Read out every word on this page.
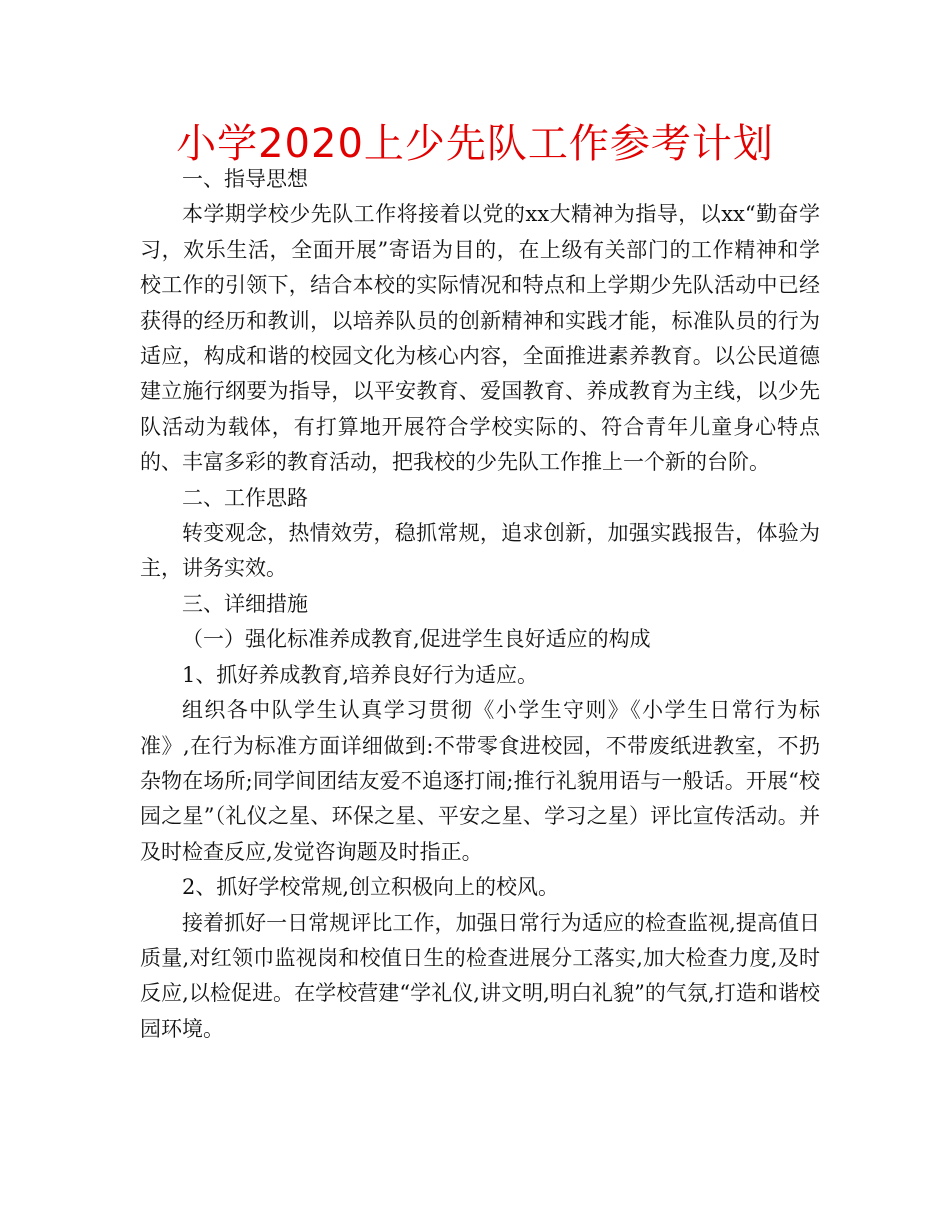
小学2020上少先队工作参考计划

一、指导思想

本学期学校少先队工作将接着以党的xx大精神为指导，以xx“勤奋学习，欢乐生活，全面开展”寄语为目的，在上级有关部门的工作精神和学校工作的引领下，结合本校的实际情况和特点和上学期少先队活动中已经获得的经历和教训，以培养队员的创新精神和实践才能，标准队员的行为适应，构成和谐的校园文化为核心内容，全面推进素养教育。以公民道德建立施行纲要为指导，以平安教育、爱国教育、养成教育为主线，以少先队活动为载体，有打算地开展符合学校实际的、符合青年儿童身心特点的、丰富多彩的教育活动，把我校的少先队工作推上一个新的台阶。

二、工作思路

转变观念，热情效劳，稳抓常规，追求创新，加强实践报告，体验为主，讲务实效。

三、详细措施

（一）强化标准养成教育,促进学生良好适应的构成

1、抓好养成教育,培养良好行为适应。

组织各中队学生认真学习贯彻《小学生守则》《小学生日常行为标准》,在行为标准方面详细做到:不带零食进校园，不带废纸进教室，不扔杂物在场所;同学间团结友爱不追逐打闹;推行礼貌用语与一般话。开展“校园之星”（礼仪之星、环保之星、平安之星、学习之星）评比宣传活动。并及时检查反应,发觉咨询题及时指正。

2、抓好学校常规,创立积极向上的校风。

接着抓好一日常规评比工作，加强日常行为适应的检查监视,提高值日质量,对红领巾监视岗和校值日生的检查进展分工落实,加大检查力度,及时反应,以检促进。在学校营建“学礼仪,讲文明,明白礼貌”的气氛,打造和谐校园环境。
